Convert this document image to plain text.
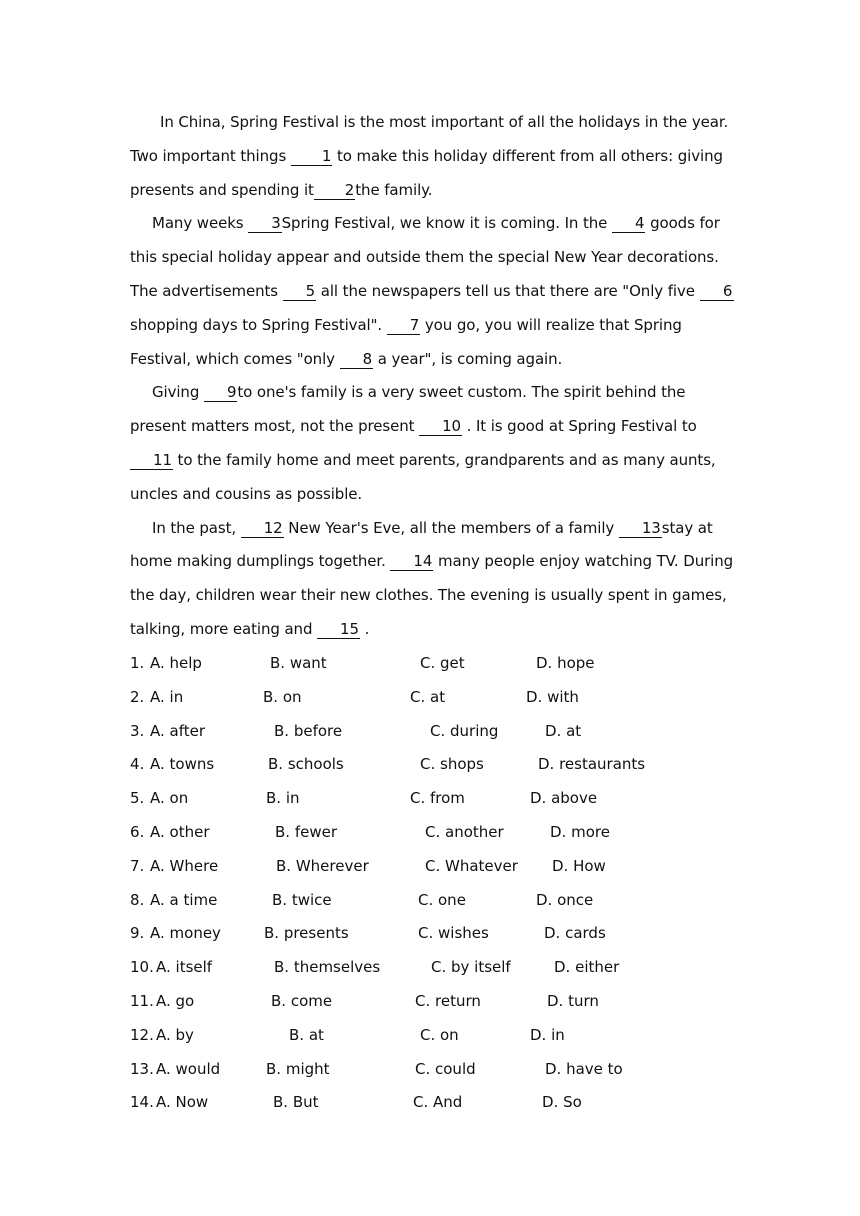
In China, Spring Festival is the most important of all the holidays in the year. Two important things 1 to make this holiday different from all others: giving presents and spending it 2the family.

Many weeks 3Spring Festival, we know it is coming. In the 4 goods for this special holiday appear and outside them the special New Year decorations. The advertisements 5 all the newspapers tell us that there are "Only five 6 shopping days to Spring Festival". 7 you go, you will realize that Spring Festival, which comes "only 8 a year", is coming again.

Giving 9to one's family is a very sweet custom. The spirit behind the present matters most, not the present 10 . It is good at Spring Festival to 11 to the family home and meet parents, grandparents and as many aunts, uncles and cousins as possible.

In the past, 12 New Year's Eve, all the members of a family 13stay at home making dumplings together. 14 many people enjoy watching TV. During the day, children wear their new clothes. The evening is usually spent in games, talking, more eating and 15 .

1. A. help	B. want	C. get	D. hope
2. A. in	B. on	C. at	D. with
3. A. after	B. before	C. during	D. at
4. A. towns	B. schools	C. shops	D. restaurants
5. A. on	B. in	C. from	D. above
6. A. other	B. fewer	C. another	D. more
7. A. Where	B. Wherever	C. Whatever D. How
8. A. a time	B. twice	C. one	D. once
9. A. money	B. presents	C. wishes	D. cards
10. A. itself	B. themselves	C. by itself	D. either
11. A. go	B. come	C. return	D. turn
12. A. by	B. at	C. on	D. in
13. A. would	B. might	C. could	D. have to
14. A. Now	B. But	C. And	D. So
